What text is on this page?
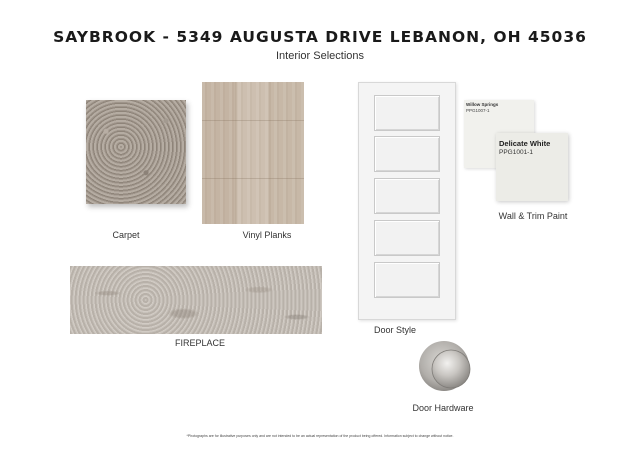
SAYBROOK - 5349 AUGUSTA DRIVE LEBANON, OH 45036
Interior Selections
Carpet	Vinyl Planks
Door Style
Willow Springs
PPG1007-1
Delicate White
PPG1001-1
Wall & Trim Paint
FIREPLACE
Door Hardware
*Photographs are for illustrative purposes only and are not intended to be an actual representation of the product being offered. Information subject to change without notice.
